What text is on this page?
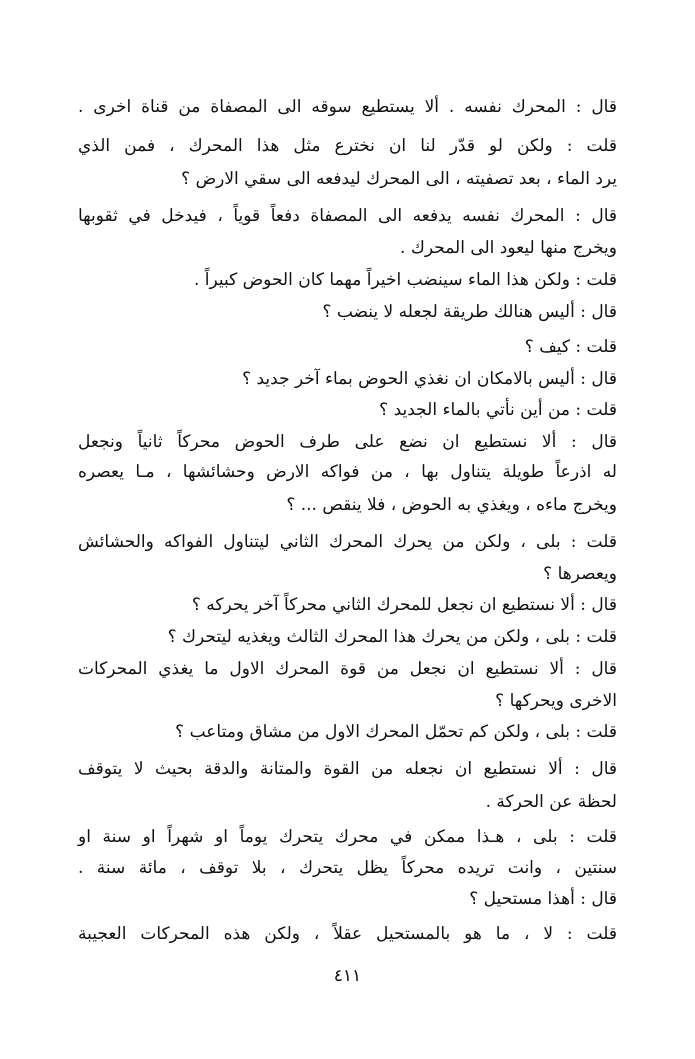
قال : المحرك نفسه . ألا يستطيع سوقه الى المصفاة من قناة اخرى .
قلت : ولكن لو قدّر لنا ان نخترع مثل هذا المحرك ، فمن الذي
يرد الماء ، بعد تصفيته ، الى المحرك ليدفعه الى سقي الارض ؟
قال : المحرك نفسه يدفعه الى المصفاة دفعاً قوياً ، فيدخل في ثقوبها
ويخرج منها ليعود الى المحرك .
قلت : ولكن هذا الماء سينضب اخيراً مهما كان الحوض كبيراً .
قال : أليس هنالك طريقة لجعله لا ينضب ؟
قلت : كيف ؟
قال : أليس بالامكان ان نغذي الحوض بماء آخر جديد ؟
قلت : من أين نأتي بالماء الجديد ؟
قال : ألا نستطيع ان نضع على طرف الحوض محركاً ثانياً ونجعل
له اذرعاً طويلة يتناول بها ، من فواكه الارض وحشائشها ، مـا يعصره
ويخرج ماءه ، ويغذي به الحوض ، فلا ينقص ... ؟
قلت : بلى ، ولكن من يحرك المحرك الثاني ليتناول الفواكه والحشائش
ويعصرها ؟
قال : ألا نستطيع ان نجعل للمحرك الثاني محركاً آخر يحركه ؟
قلت : بلى ، ولكن من يحرك هذا المحرك الثالث ويغذيه ليتحرك ؟
قال : ألا نستطيع ان نجعل من قوة المحرك الاول ما يغذي المحركات
الاخرى ويحركها ؟
قلت : بلى ، ولكن كم تحمّل المحرك الاول من مشاق ومتاعب ؟
قال : ألا نستطيع ان نجعله من القوة والمتانة والدقة بحيث لا يتوقف
لحظة عن الحركة .
قلت : بلى ، هـذا ممكن في محرك يتحرك يوماً او شهراً او سنة او
سنتين ، وانت تريده محركاً يظل يتحرك ، بلا توقف ، مائة سنة .
قال : أهذا مستحيل ؟
قلت : لا ، ما هو بالمستحيل عقلاً ، ولكن هذه المحركات العجيبة
٤١١
